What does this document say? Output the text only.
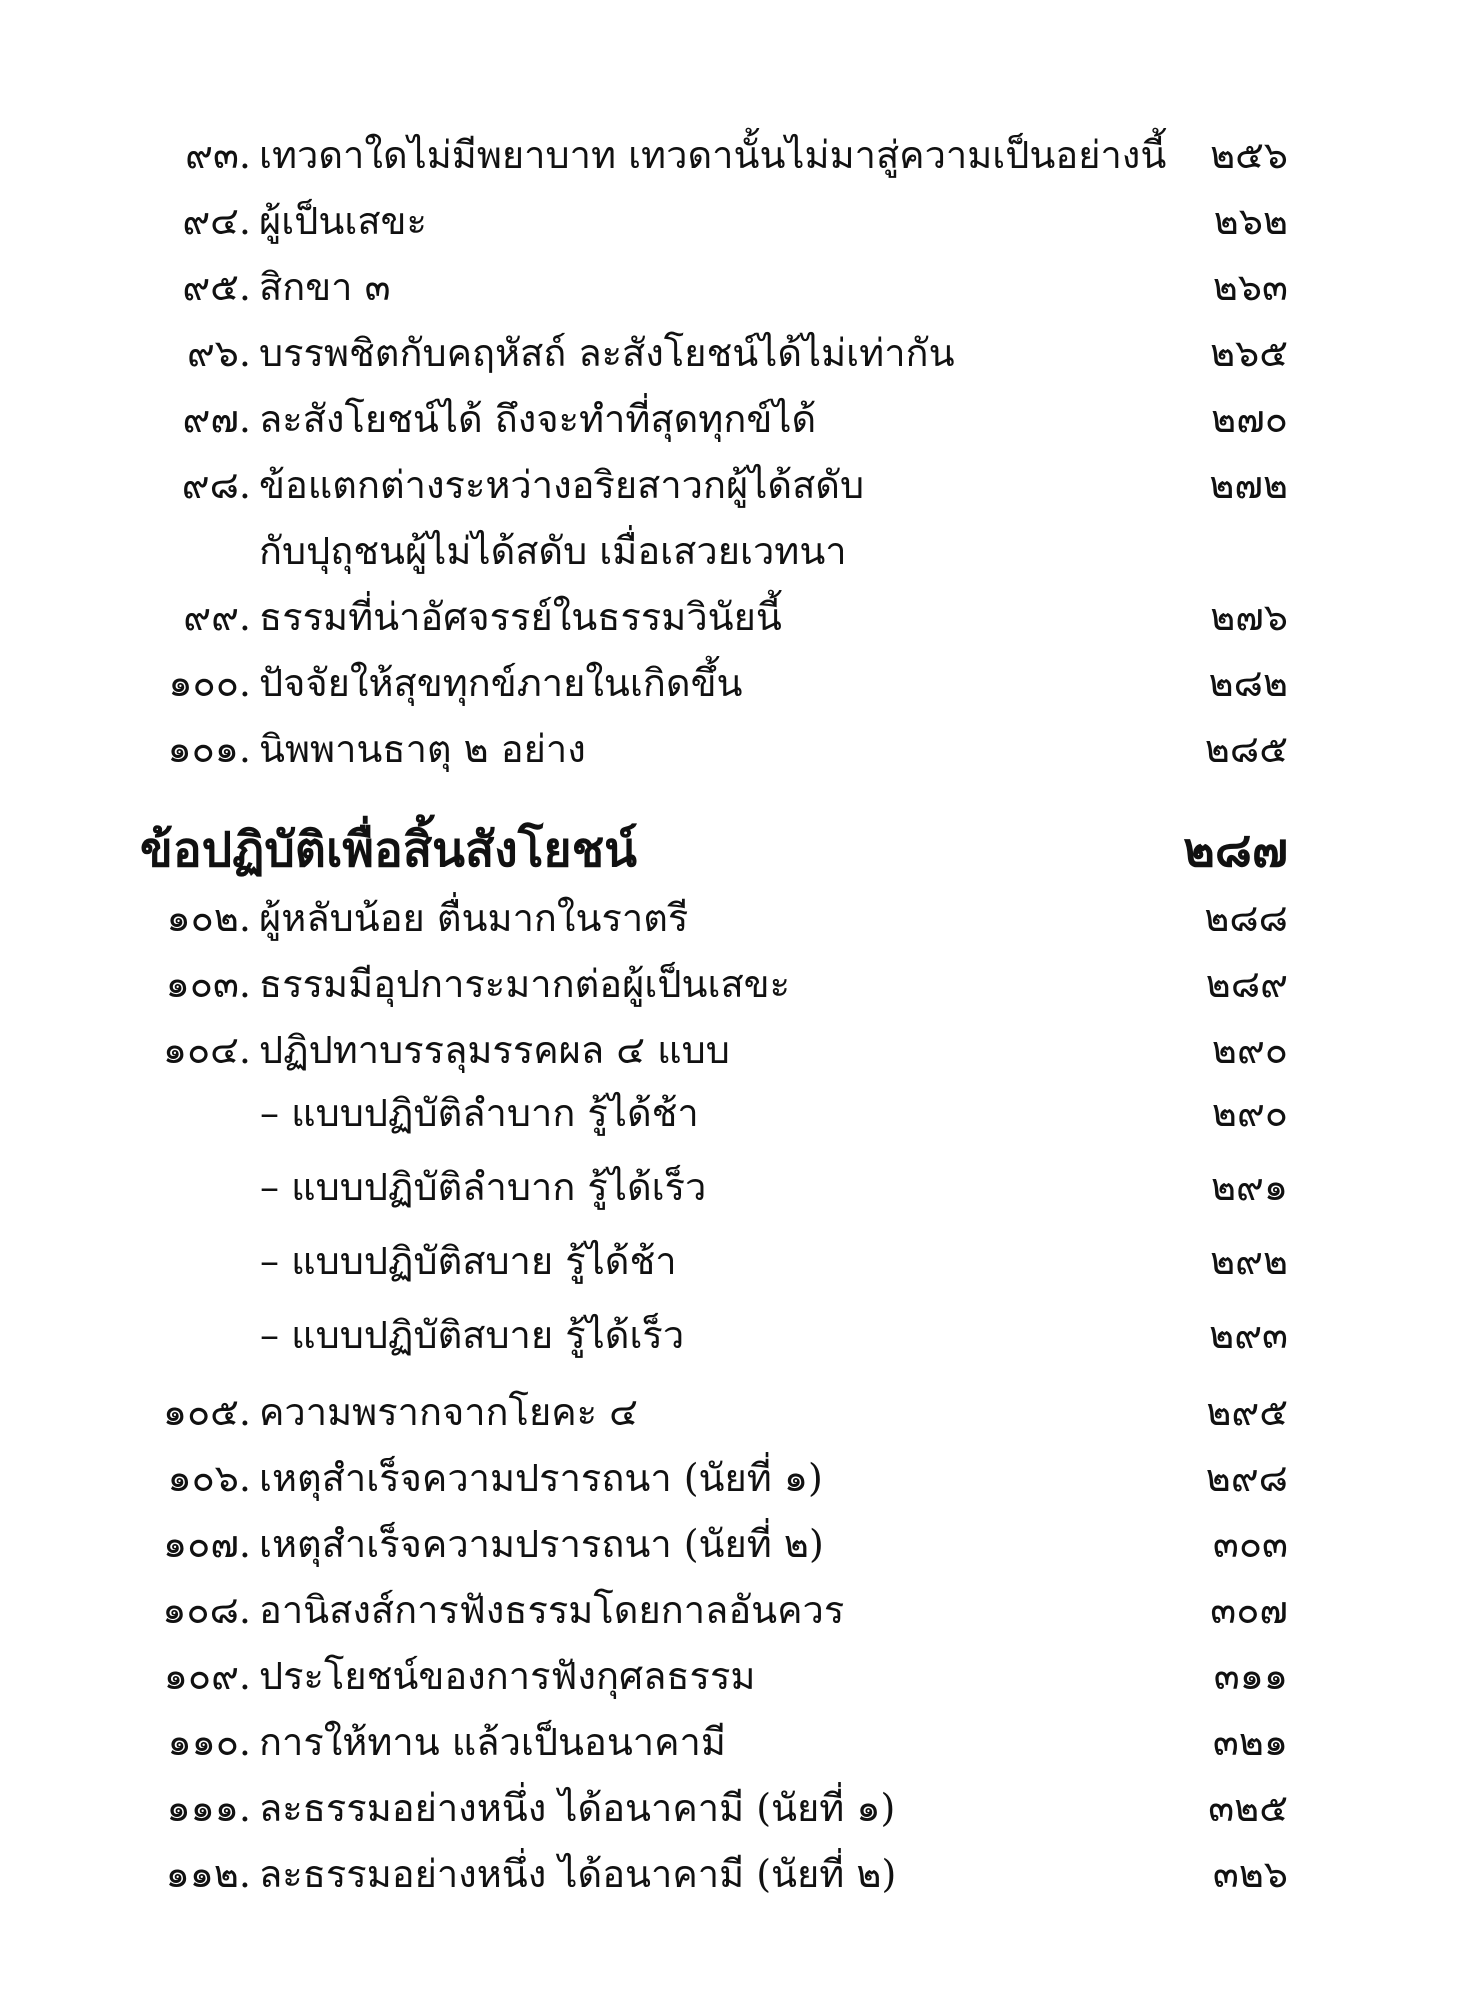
๙๓. เทวดาใดไม่มีพยาบาท เทวดานั้นไม่มาสู่ความเป็นอย่างนี้ ๒๕๖
๙๔. ผู้เป็นเสขะ	๒๖๒
๙๕. สิกขา ๓	๒๖๓
๙๖. บรรพชิตกับคฤหัสถ์ ละสังโยชน์ได้ไม่เท่ากัน	๒๖๕
๙๗. ละสังโยชน์ได้ ถึงจะทำที่สุดทุกข์ได้	๒๗๐
๙๘. ข้อแตกต่างระหว่างอริยสาวกผู้ได้สดับ	๒๗๒
กับปุถุชนผู้ไม่ได้สดับ เมื่อเสวยเวทนา
๙๙. ธรรมที่น่าอัศจรรย์ในธรรมวินัยนี้	๒๗๖
๑๐๐. ปัจจัยให้สุขทุกข์ภายในเกิดขึ้น	๒๘๒
๑๐๑. นิพพานธาตุ ๒ อย่าง	๒๘๕
ข้อปฏิบัติเพื่อสิ้นสังโยชน์	๒๘๗
๑๐๒. ผู้หลับน้อย ตื่นมากในราตรี	๒๘๘
๑๐๓. ธรรมมีอุปการะมากต่อผู้เป็นเสขะ	๒๘๙
๑๐๔. ปฏิปทาบรรลุมรรคผล ๔ แบบ	๒๙๐
– แบบปฏิบัติลำบาก รู้ได้ช้า	๒๙๐
– แบบปฏิบัติลำบาก รู้ได้เร็ว	๒๙๑
– แบบปฏิบัติสบาย รู้ได้ช้า	๒๙๒
– แบบปฏิบัติสบาย รู้ได้เร็ว	๒๙๓
๑๐๕. ความพรากจากโยคะ ๔	๒๙๕
๑๐๖. เหตุสำเร็จความปรารถนา (นัยที่ ๑)	๒๙๘
๑๐๗. เหตุสำเร็จความปรารถนา (นัยที่ ๒)	๓๐๓
๑๐๘. อานิสงส์การฟังธรรมโดยกาลอันควร	๓๐๗
๑๐๙. ประโยชน์ของการฟังกุศลธรรม	๓๑๑
๑๑๐. การให้ทาน แล้วเป็นอนาคามี	๓๒๑
๑๑๑. ละธรรมอย่างหนึ่ง ได้อนาคามี (นัยที่ ๑)	๓๒๕
๑๑๒. ละธรรมอย่างหนึ่ง ได้อนาคามี (นัยที่ ๒)	๓๒๖
